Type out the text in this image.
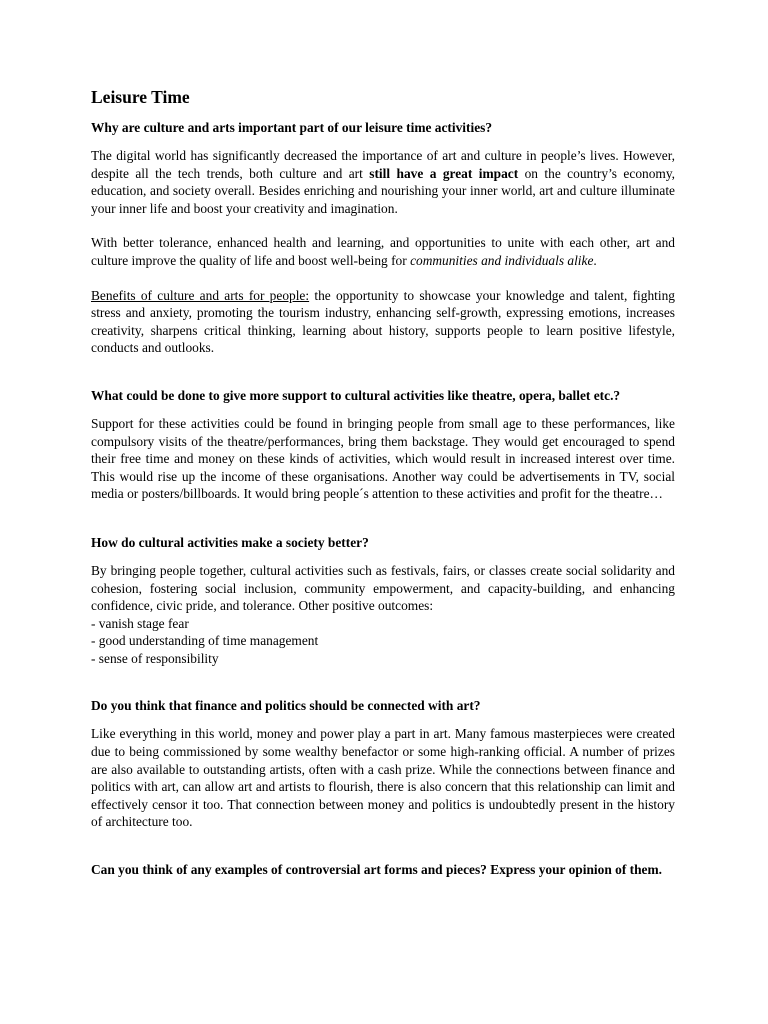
Leisure Time
Why are culture and arts important part of our leisure time activities?

The digital world has significantly decreased the importance of art and culture in people’s lives. However, despite all the tech trends, both culture and art still have a great impact on the country’s economy, education, and society overall. Besides enriching and nourishing your inner world, art and culture illuminate your inner life and boost your creativity and imagination.

With better tolerance, enhanced health and learning, and opportunities to unite with each other, art and culture improve the quality of life and boost well-being for communities and individuals alike.

Benefits of culture and arts for people: the opportunity to showcase your knowledge and talent, fighting stress and anxiety, promoting the tourism industry, enhancing self-growth, expressing emotions, increases creativity, sharpens critical thinking, learning about history, supports people to learn positive lifestyle, conducts and outlooks.

What could be done to give more support to cultural activities like theatre, opera, ballet etc.?

Support for these activities could be found in bringing people from small age to these performances, like compulsory visits of the theatre/performances, bring them backstage. They would get encouraged to spend their free time and money on these kinds of activities, which would result in increased interest over time. This would rise up the income of these organisations. Another way could be advertisements in TV, social media or posters/billboards. It would bring people´s attention to these activities and profit for the theatre…

How do cultural activities make a society better?

By bringing people together, cultural activities such as festivals, fairs, or classes create social solidarity and cohesion, fostering social inclusion, community empowerment, and capacity-building, and enhancing confidence, civic pride, and tolerance. Other positive outcomes:

- vanish stage fear
- good understanding of time management
- sense of responsibility
Do you think that finance and politics should be connected with art?

Like everything in this world, money and power play a part in art. Many famous masterpieces were created due to being commissioned by some wealthy benefactor or some high-ranking official. A number of prizes are also available to outstanding artists, often with a cash prize. While the connections between finance and politics with art, can allow art and artists to flourish, there is also concern that this relationship can limit and effectively censor it too. That connection between money and politics is undoubtedly present in the history of architecture too.

Can you think of any examples of controversial art forms and pieces? Express your opinion of them.
